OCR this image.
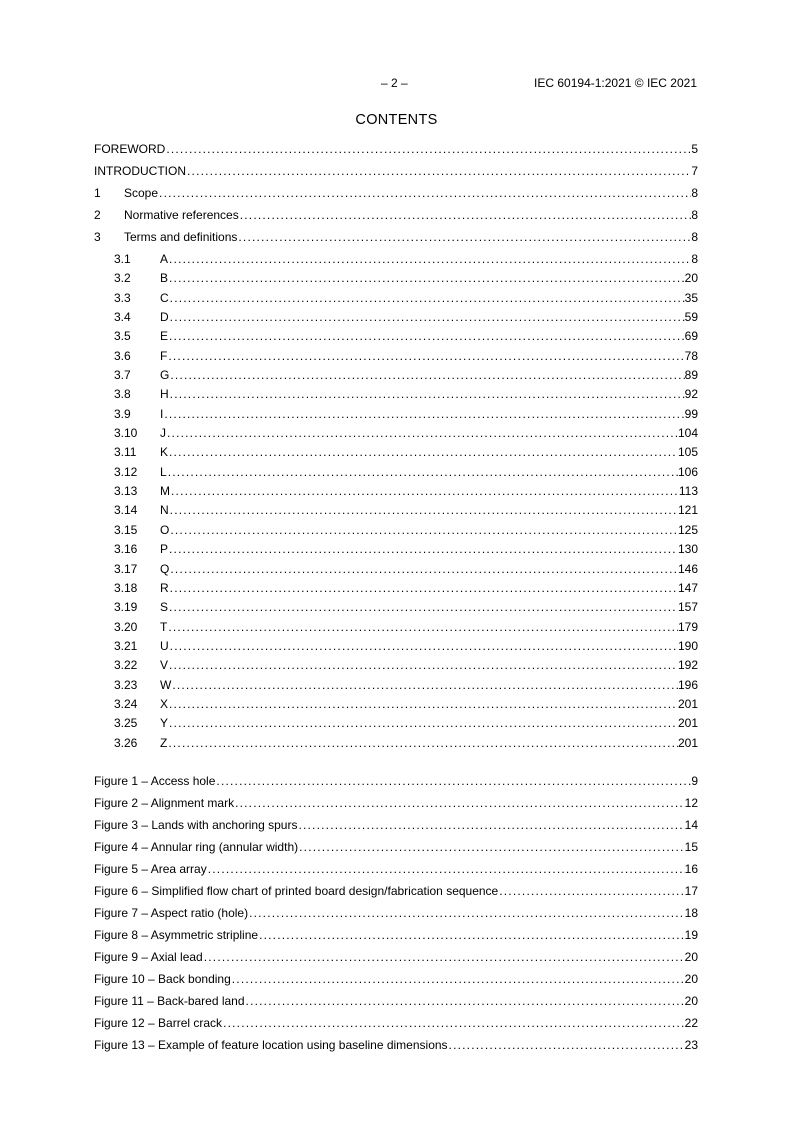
– 2 –	IEC 60194-1:2021 © IEC 2021
CONTENTS
FOREWORD .....	5
INTRODUCTION .....	7
1	Scope .....	8
2	Normative references .....	8
3	Terms and definitions .....	8
3.1	A .....	8
3.2	B .....	20
3.3	C .....	35
3.4	D .....	59
3.5	E .....	69
3.6	F .....	78
3.7	G .....	89
3.8	H .....	92
3.9	I .....	99
3.10	J .....	104
3.11	K .....	105
3.12	L .....	106
3.13	M .....	113
3.14	N .....	121
3.15	O .....	125
3.16	P .....	130
3.17	Q .....	146
3.18	R .....	147
3.19	S .....	157
3.20	T .....	179
3.21	U .....	190
3.22	V .....	192
3.23	W .....	196
3.24	X .....	201
3.25	Y .....	201
3.26	Z .....	201
Figure 1 – Access hole .....	9
Figure 2 – Alignment mark .....	12
Figure 3 – Lands with anchoring spurs .....	14
Figure 4 – Annular ring (annular width) .....	15
Figure 5 – Area array .....	16
Figure 6 – Simplified flow chart of printed board design/fabrication sequence .....	17
Figure 7 – Aspect ratio (hole) .....	18
Figure 8 – Asymmetric stripline .....	19
Figure 9 – Axial lead .....	20
Figure 10 – Back bonding .....	20
Figure 11 – Back-bared land .....	20
Figure 12 – Barrel crack .....	22
Figure 13 – Example of feature location using baseline dimensions .....	23
